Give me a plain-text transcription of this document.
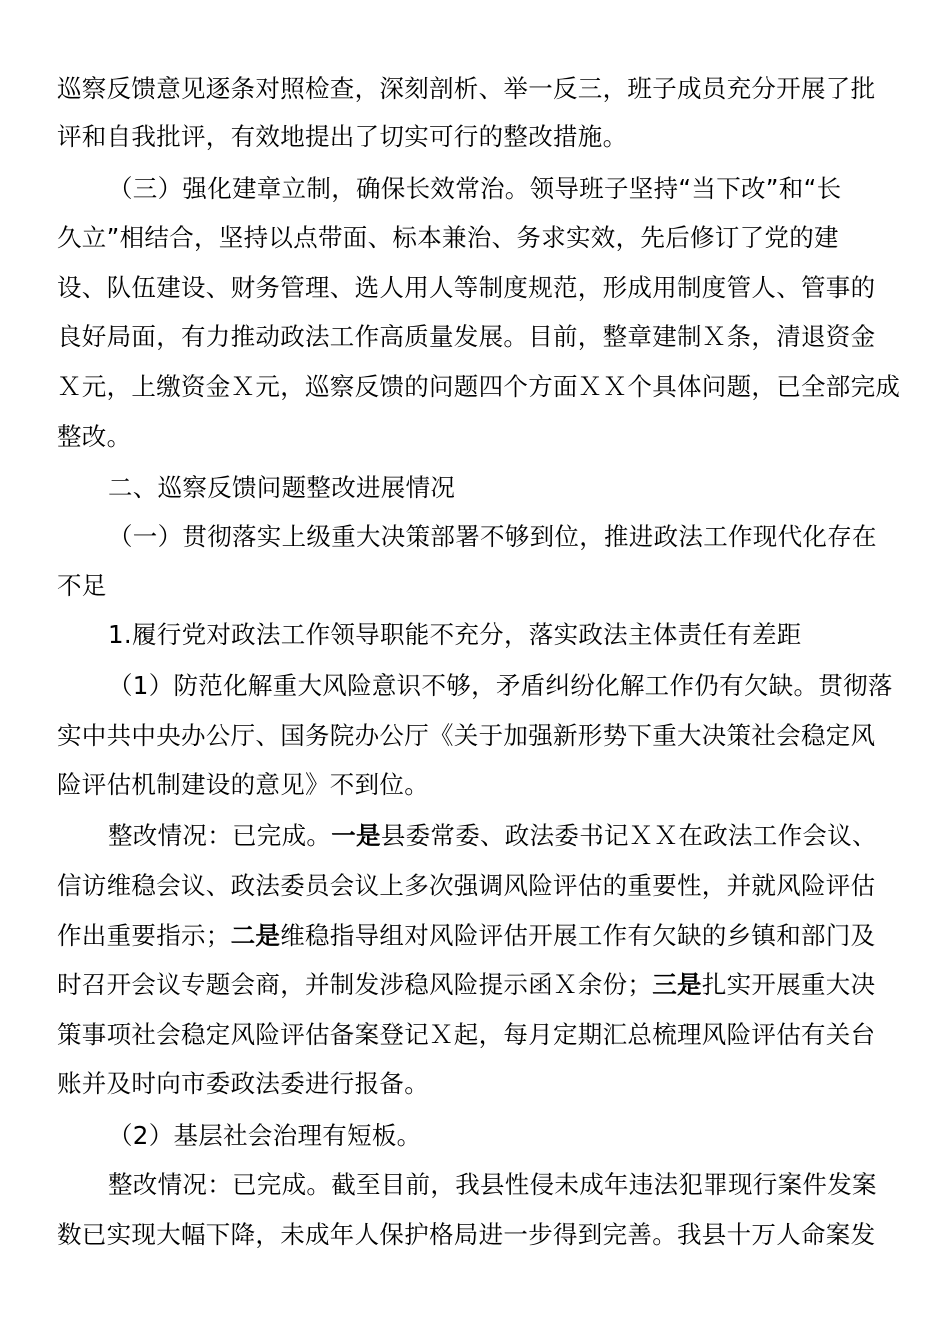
巡察反馈意见逐条对照检查，深刻剖析、举一反三，班子成员充分开展了批
评和自我批评，有效地提出了切实可行的整改措施。
（三）强化建章立制，确保长效常治。领导班子坚持“当下改”和“长
久立”相结合，坚持以点带面、标本兼治、务求实效，先后修订了党的建
设、队伍建设、财务管理、选人用人等制度规范，形成用制度管人、管事的
良好局面，有力推动政法工作高质量发展。目前，整章建制Ｘ条，清退资金
Ｘ元，上缴资金Ｘ元，巡察反馈的问题四个方面ＸＸ个具体问题，已全部完成
整改。
二、巡察反馈问题整改进展情况
（一）贯彻落实上级重大决策部署不够到位，推进政法工作现代化存在
不足
1.履行党对政法工作领导职能不充分，落实政法主体责任有差距
（1）防范化解重大风险意识不够，矛盾纠纷化解工作仍有欠缺。贯彻落
实中共中央办公厅、国务院办公厅《关于加强新形势下重大决策社会稳定风
险评估机制建设的意见》不到位。
整改情况：已完成。一是县委常委、政法委书记ＸＸ在政法工作会议、
信访维稳会议、政法委员会议上多次强调风险评估的重要性，并就风险评估
作出重要指示；二是维稳指导组对风险评估开展工作有欠缺的乡镇和部门及
时召开会议专题会商，并制发涉稳风险提示函Ｘ余份；三是扎实开展重大决
策事项社会稳定风险评估备案登记Ｘ起，每月定期汇总梳理风险评估有关台
账并及时向市委政法委进行报备。
（2）基层社会治理有短板。
整改情况：已完成。截至目前，我县性侵未成年违法犯罪现行案件发案
数已实现大幅下降，未成年人保护格局进一步得到完善。我县十万人命案发
